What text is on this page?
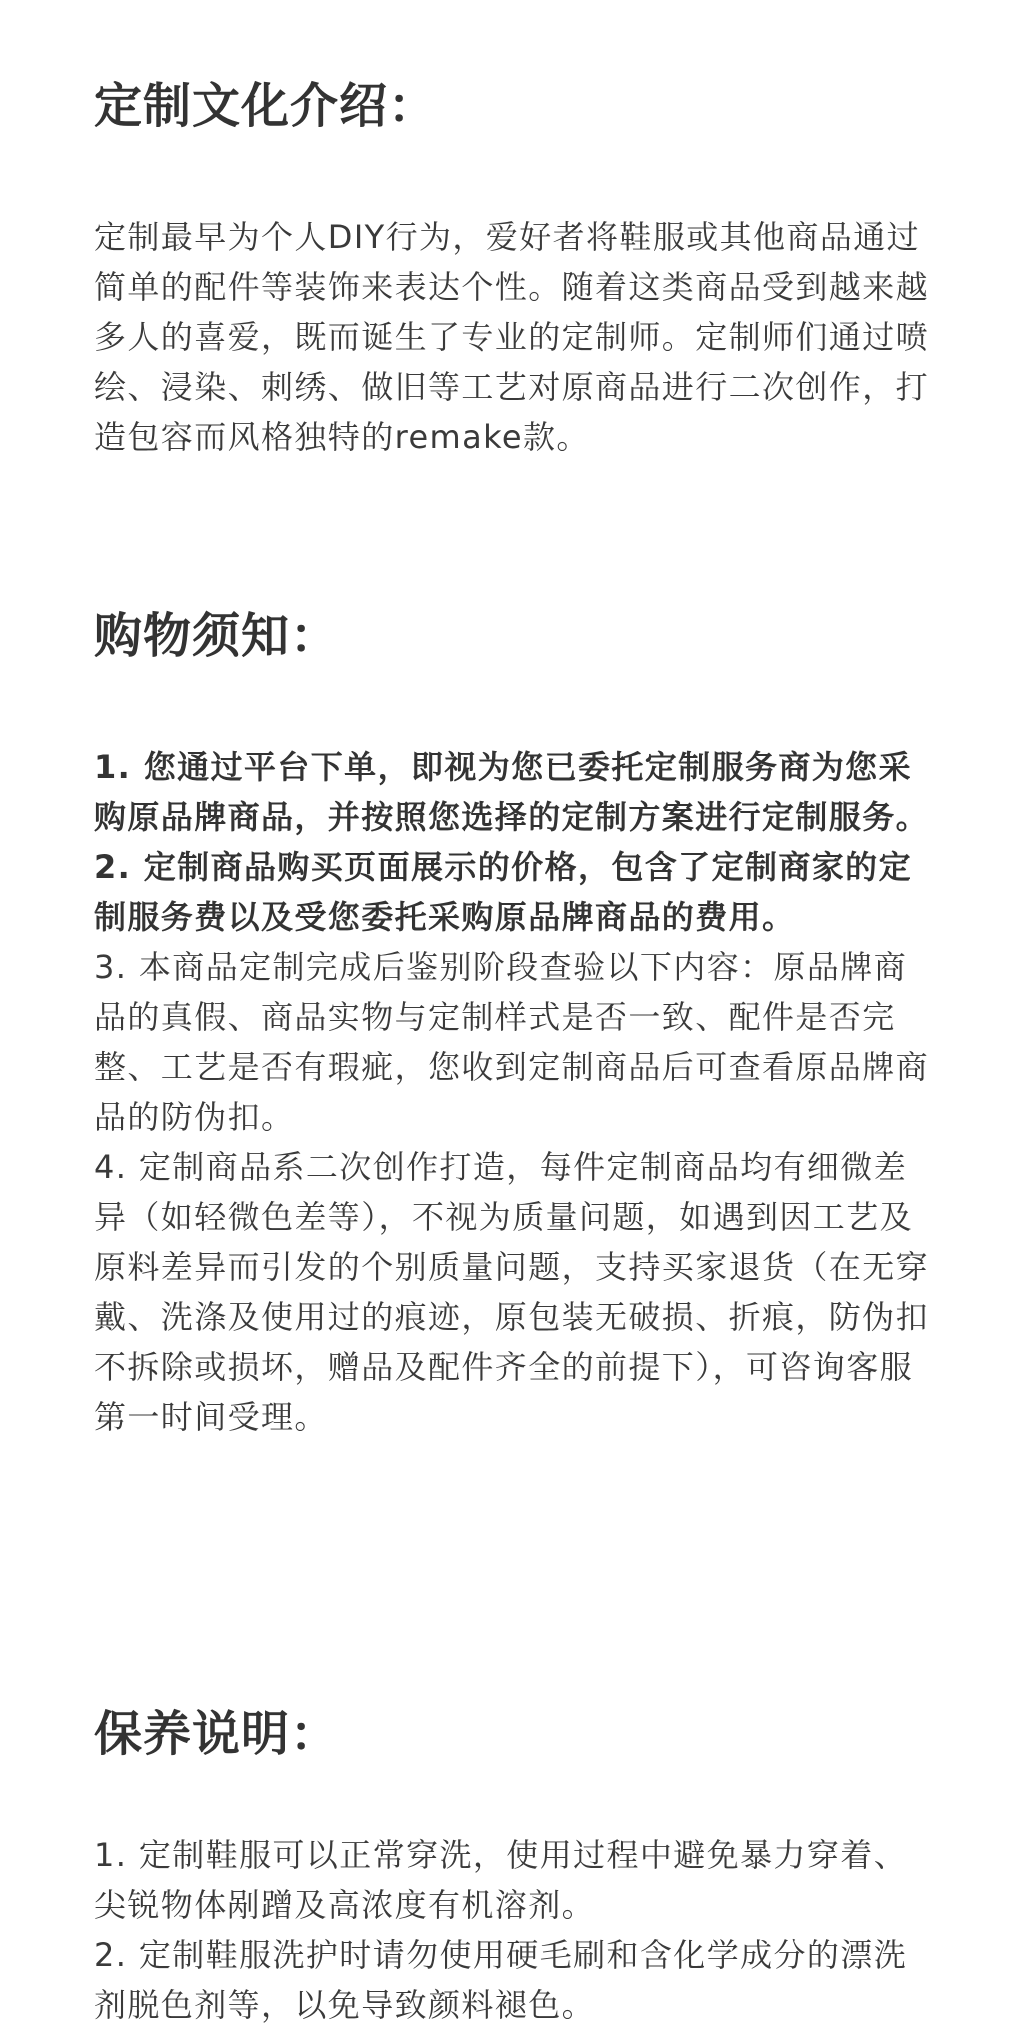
定制文化介绍：

定制最早为个人DIY行为，爱好者将鞋服或其他商品通过简单的配件等装饰来表达个性。随着这类商品受到越来越多人的喜爱，既而诞生了专业的定制师。定制师们通过喷绘、浸染、刺绣、做旧等工艺对原商品进行二次创作，打造包容而风格独特的remake款。

购物须知：

1. 您通过平台下单，即视为您已委托定制服务商为您采购原品牌商品，并按照您选择的定制方案进行定制服务。

2. 定制商品购买页面展示的价格，包含了定制商家的定制服务费以及受您委托采购原品牌商品的费用。

3. 本商品定制完成后鉴别阶段查验以下内容：原品牌商品的真假、商品实物与定制样式是否一致、配件是否完整、工艺是否有瑕疵，您收到定制商品后可查看原品牌商品的防伪扣。

4. 定制商品系二次创作打造，每件定制商品均有细微差异（如轻微色差等），不视为质量问题，如遇到因工艺及原料差异而引发的个别质量问题，支持买家退货（在无穿戴、洗涤及使用过的痕迹，原包装无破损、折痕，防伪扣不拆除或损坏，赠品及配件齐全的前提下），可咨询客服第一时间受理。

保养说明：

1. 定制鞋服可以正常穿洗，使用过程中避免暴力穿着、尖锐物体剐蹭及高浓度有机溶剂。

2. 定制鞋服洗护时请勿使用硬毛刷和含化学成分的漂洗剂脱色剂等，以免导致颜料褪色。
